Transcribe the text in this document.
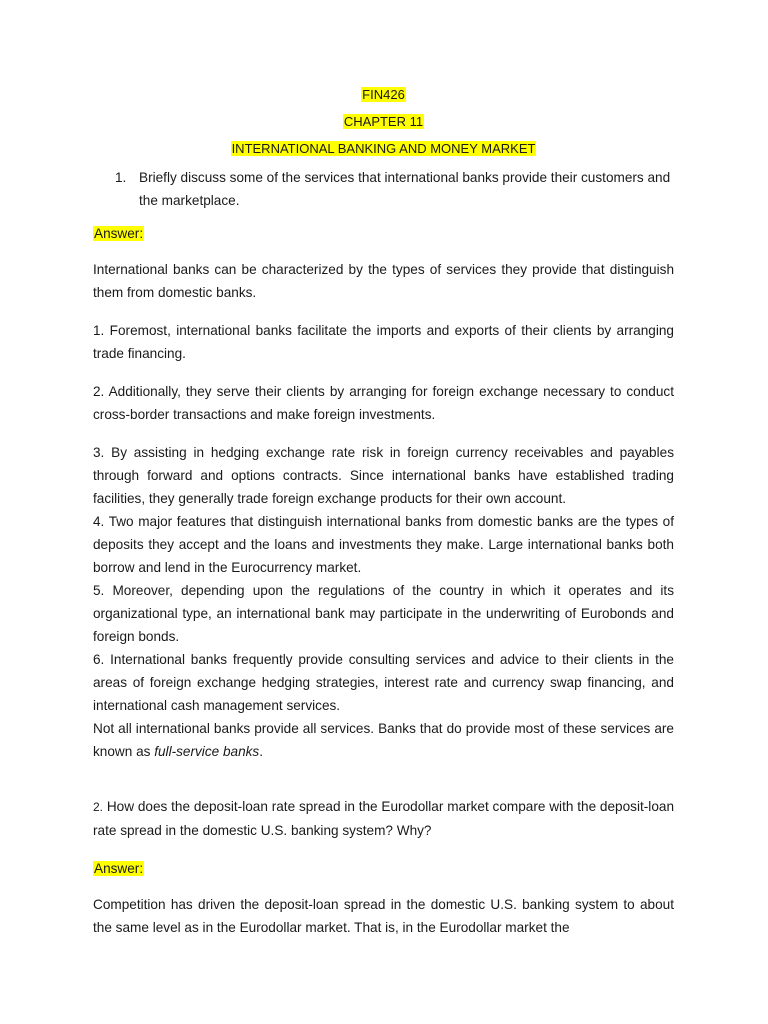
FIN426
CHAPTER 11
INTERNATIONAL BANKING AND MONEY MARKET
1. Briefly discuss some of the services that international banks provide their customers and the marketplace.
Answer:

International banks can be characterized by the types of services they provide that distinguish them from domestic banks.

1. Foremost, international banks facilitate the imports and exports of their clients by arranging trade financing.

2. Additionally, they serve their clients by arranging for foreign exchange necessary to conduct cross-border transactions and make foreign investments.

3. By assisting in hedging exchange rate risk in foreign currency receivables and payables through forward and options contracts. Since international banks have established trading facilities, they generally trade foreign exchange products for their own account.

4. Two major features that distinguish international banks from domestic banks are the types of deposits they accept and the loans and investments they make. Large international banks both borrow and lend in the Eurocurrency market.

5. Moreover, depending upon the regulations of the country in which it operates and its organizational type, an international bank may participate in the underwriting of Eurobonds and foreign bonds.

6. International banks frequently provide consulting services and advice to their clients in the areas of foreign exchange hedging strategies, interest rate and currency swap financing, and international cash management services.

Not all international banks provide all services. Banks that do provide most of these services are known as full-service banks.

2. How does the deposit-loan rate spread in the Eurodollar market compare with the deposit-loan rate spread in the domestic U.S. banking system? Why?

Answer:

Competition has driven the deposit-loan spread in the domestic U.S. banking system to about the same level as in the Eurodollar market. That is, in the Eurodollar market the
